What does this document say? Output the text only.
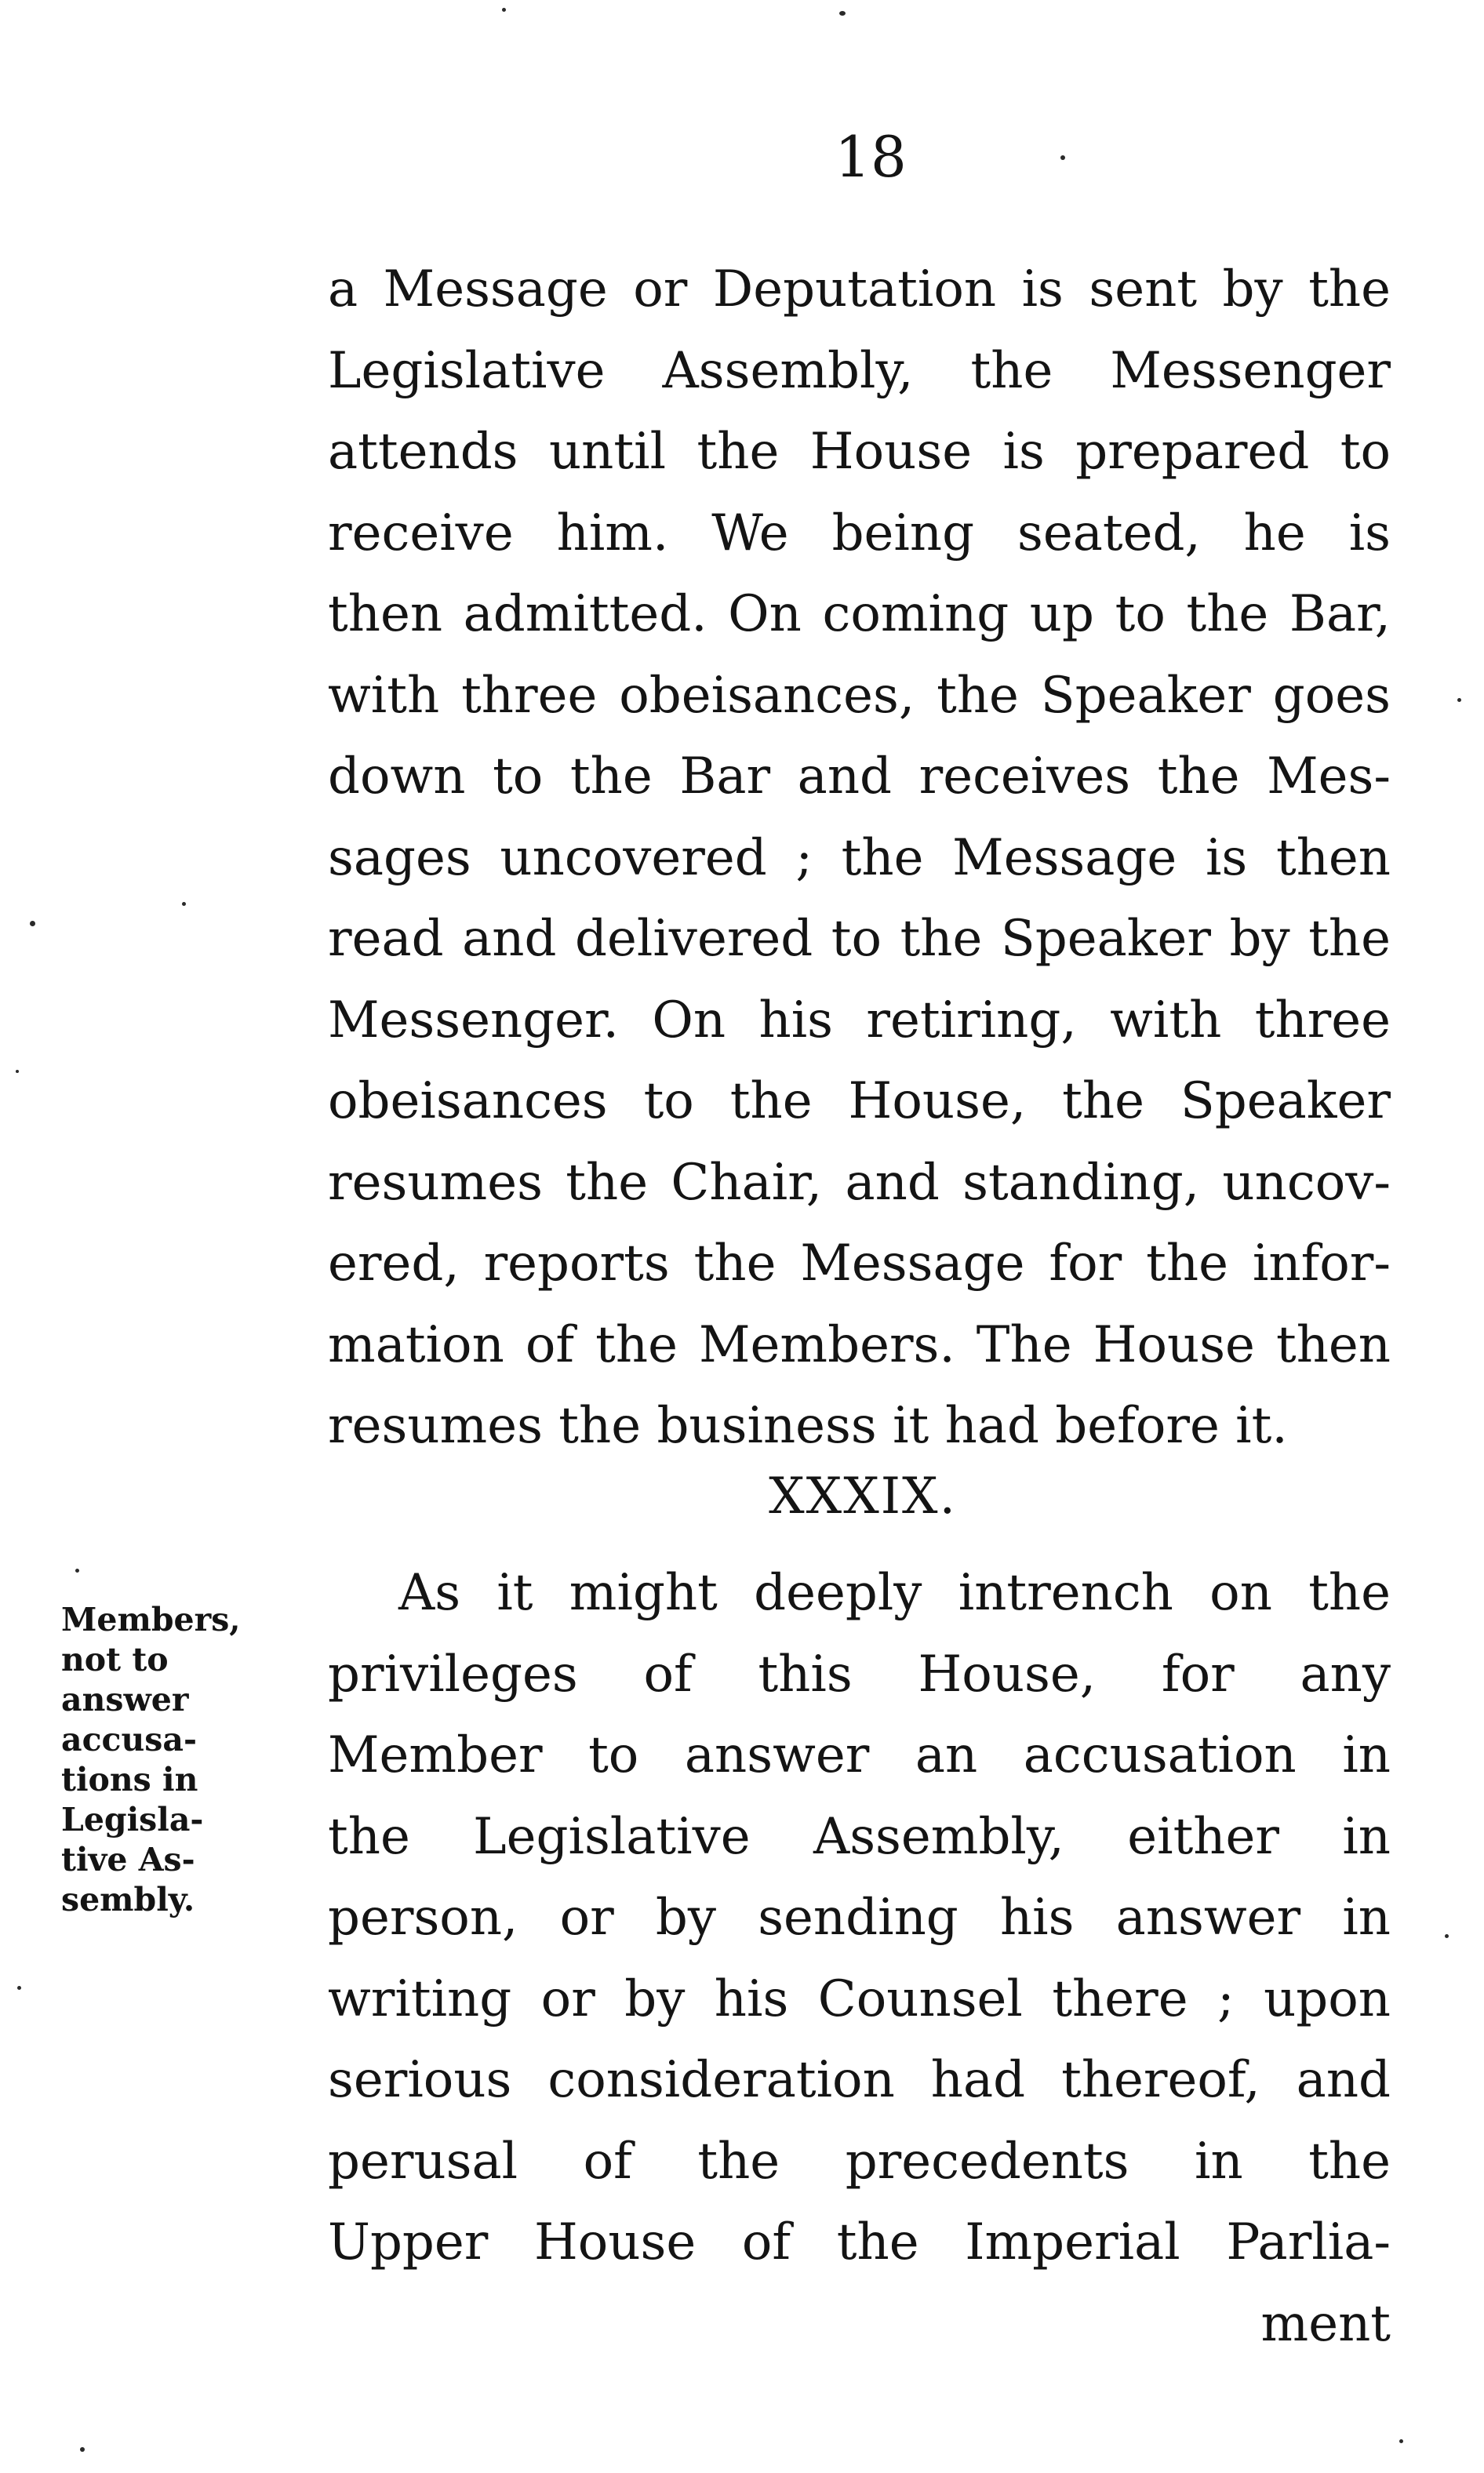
18
a Message or Deputation is sent by the
Legislative Assembly, the Messenger
attends until the House is prepared to
receive him. We being seated, he is
then admitted. On coming up to the Bar,
with three obeisances, the Speaker goes
down to the Bar and receives the Mes-
sages uncovered ; the Message is then
read and delivered to the Speaker by the
Messenger. On his retiring, with three
obeisances to the House, the Speaker
resumes the Chair, and standing, uncov-
ered, reports the Message for the infor-
mation of the Members. The House then
resumes the business it had before it.
XXXIX.
Members,
not to
answer
accusa-
tions in
Legisla-
tive As-
sembly.
As it might deeply intrench on the
privileges of this House, for any
Member to answer an accusation in
the Legislative Assembly, either in
person, or by sending his answer in
writing or by his Counsel there ; upon
serious consideration had thereof, and
perusal of the precedents in the
Upper House of the Imperial Parlia-
ment
